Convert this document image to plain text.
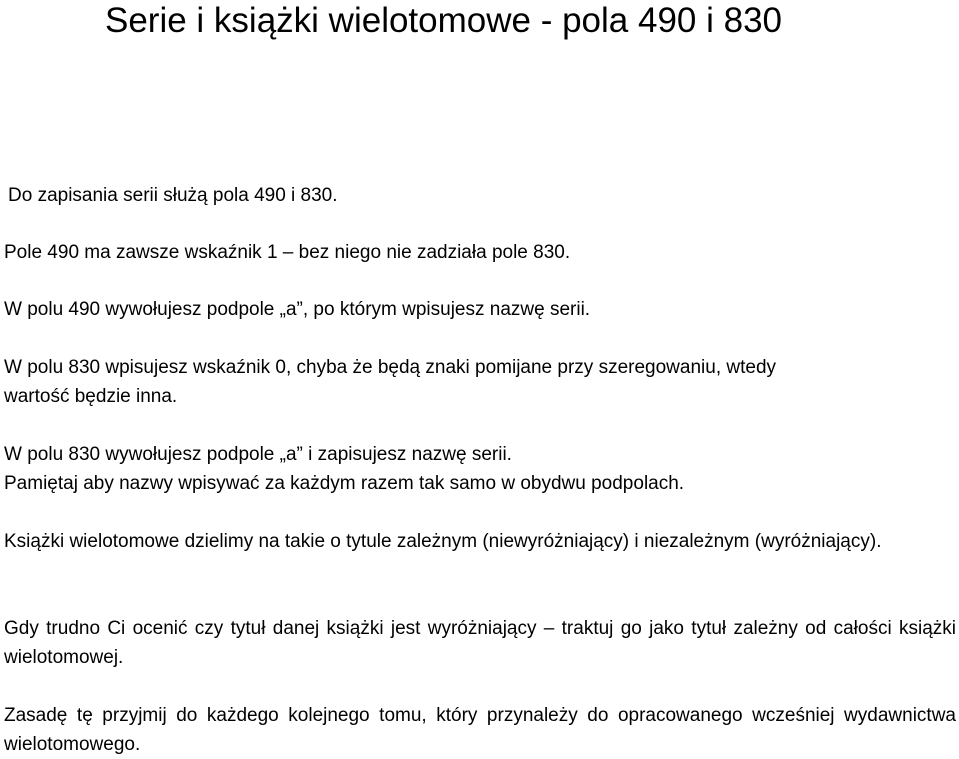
Serie i książki wielotomowe - pola 490 i 830

Do zapisania serii służą pola 490 i 830.

Pole 490 ma zawsze wskaźnik 1 – bez niego nie zadziała pole 830.

W polu 490 wywołujesz podpole „a”, po którym wpisujesz nazwę serii.

W polu 830 wpisujesz wskaźnik 0, chyba że będą znaki pomijane przy szeregowaniu, wtedy wartość będzie inna.

W polu 830 wywołujesz podpole „a” i zapisujesz nazwę serii.

Pamiętaj aby nazwy wpisywać za każdym razem tak samo w obydwu podpolach.

Książki wielotomowe dzielimy na takie o tytule zależnym (niewyróżniający) i niezależnym (wyróżniający).

Gdy trudno Ci ocenić czy tytuł danej książki jest wyróżniający – traktuj go jako tytuł zależny od całości książki wielotomowej.

Zasadę tę przyjmij do każdego kolejnego tomu, który przynależy do opracowanego wcześniej wydawnictwa wielotomowego.
